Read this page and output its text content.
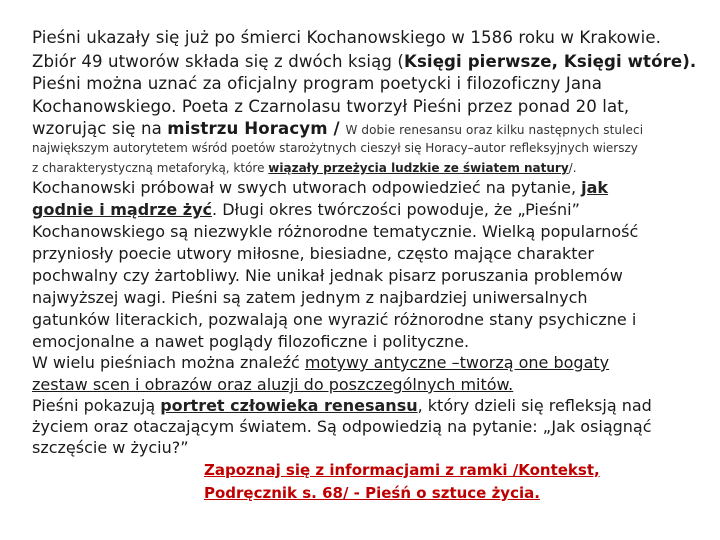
Pieśni ukazały się już po śmierci Kochanowskiego w 1586 roku w Krakowie.
Zbiór 49 utworów składa się z dwóch ksiąg (Księgi pierwsze, Księgi wtóre).
Pieśni można uznać za oficjalny program poetycki i filozoficzny Jana
Kochanowskiego. Poeta z Czarnolasu tworzył Pieśni przez ponad 20 lat,
wzorując się na mistrzu Horacym / W dobie renesansu oraz kilku następnych stuleci
największym autorytetem wśród poetów starożytnych cieszył się Horacy–autor refleksyjnych wierszy
z charakterystyczną metaforyką, które wiązały przeżycia ludzkie ze światem natury/.
Kochanowski próbował w swych utworach odpowiedzieć na pytanie, jak
godnie i mądrze żyć. Długi okres twórczości powoduje, że „Pieśni”
Kochanowskiego są niezwykle różnorodne tematycznie. Wielką popularność
przyniosły poecie utwory miłosne, biesiadne, często mające charakter
pochwalny czy żartobliwy. Nie unikał jednak pisarz poruszania problemów
najwyższej wagi. Pieśni są zatem jednym z najbardziej uniwersalnych
gatunków literackich, pozwalają one wyrazić różnorodne stany psychiczne i
emocjonalne a nawet poglądy filozoficzne i polityczne.
W wielu pieśniach można znaleźć motywy antyczne –tworzą one bogaty
zestaw scen i obrazów oraz aluzji do poszczególnych mitów.
Pieśni pokazują portret człowieka renesansu, który dzieli się refleksją nad
życiem oraz otaczającym światem. Są odpowiedzią na pytanie: „Jak osiągnąć
szczęście w życiu?”
Zapoznaj się z informacjami z ramki /Kontekst,
Podręcznik s. 68/ - Pieśń o sztuce życia.
